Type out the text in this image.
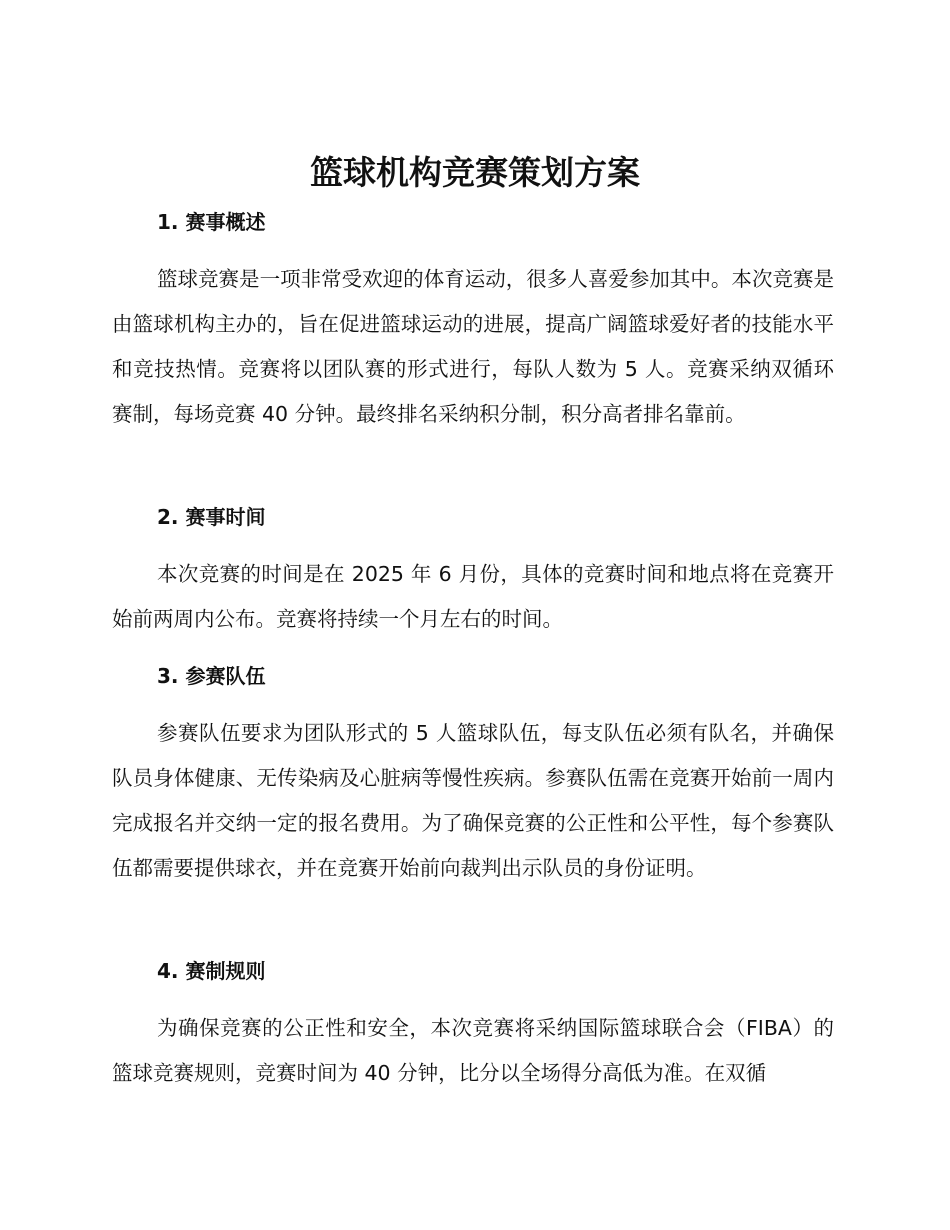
篮球机构竞赛策划方案
1. 赛事概述

篮球竞赛是一项非常受欢迎的体育运动，很多人喜爱参加其中。本次竞赛是由篮球机构主办的，旨在促进篮球运动的进展，提高广阔篮球爱好者的技能水平和竞技热情。竞赛将以团队赛的形式进行，每队人数为 5 人。竞赛采纳双循环赛制，每场竞赛 40 分钟。最终排名采纳积分制，积分高者排名靠前。

2. 赛事时间

本次竞赛的时间是在 2025 年 6 月份，具体的竞赛时间和地点将在竞赛开始前两周内公布。竞赛将持续一个月左右的时间。

3. 参赛队伍

参赛队伍要求为团队形式的 5 人篮球队伍，每支队伍必须有队名，并确保队员身体健康、无传染病及心脏病等慢性疾病。参赛队伍需在竞赛开始前一周内完成报名并交纳一定的报名费用。为了确保竞赛的公正性和公平性，每个参赛队伍都需要提供球衣，并在竞赛开始前向裁判出示队员的身份证明。

4. 赛制规则

为确保竞赛的公正性和安全，本次竞赛将采纳国际篮球联合会（FIBA）的篮球竞赛规则，竞赛时间为 40 分钟，比分以全场得分高低为准。在双循
